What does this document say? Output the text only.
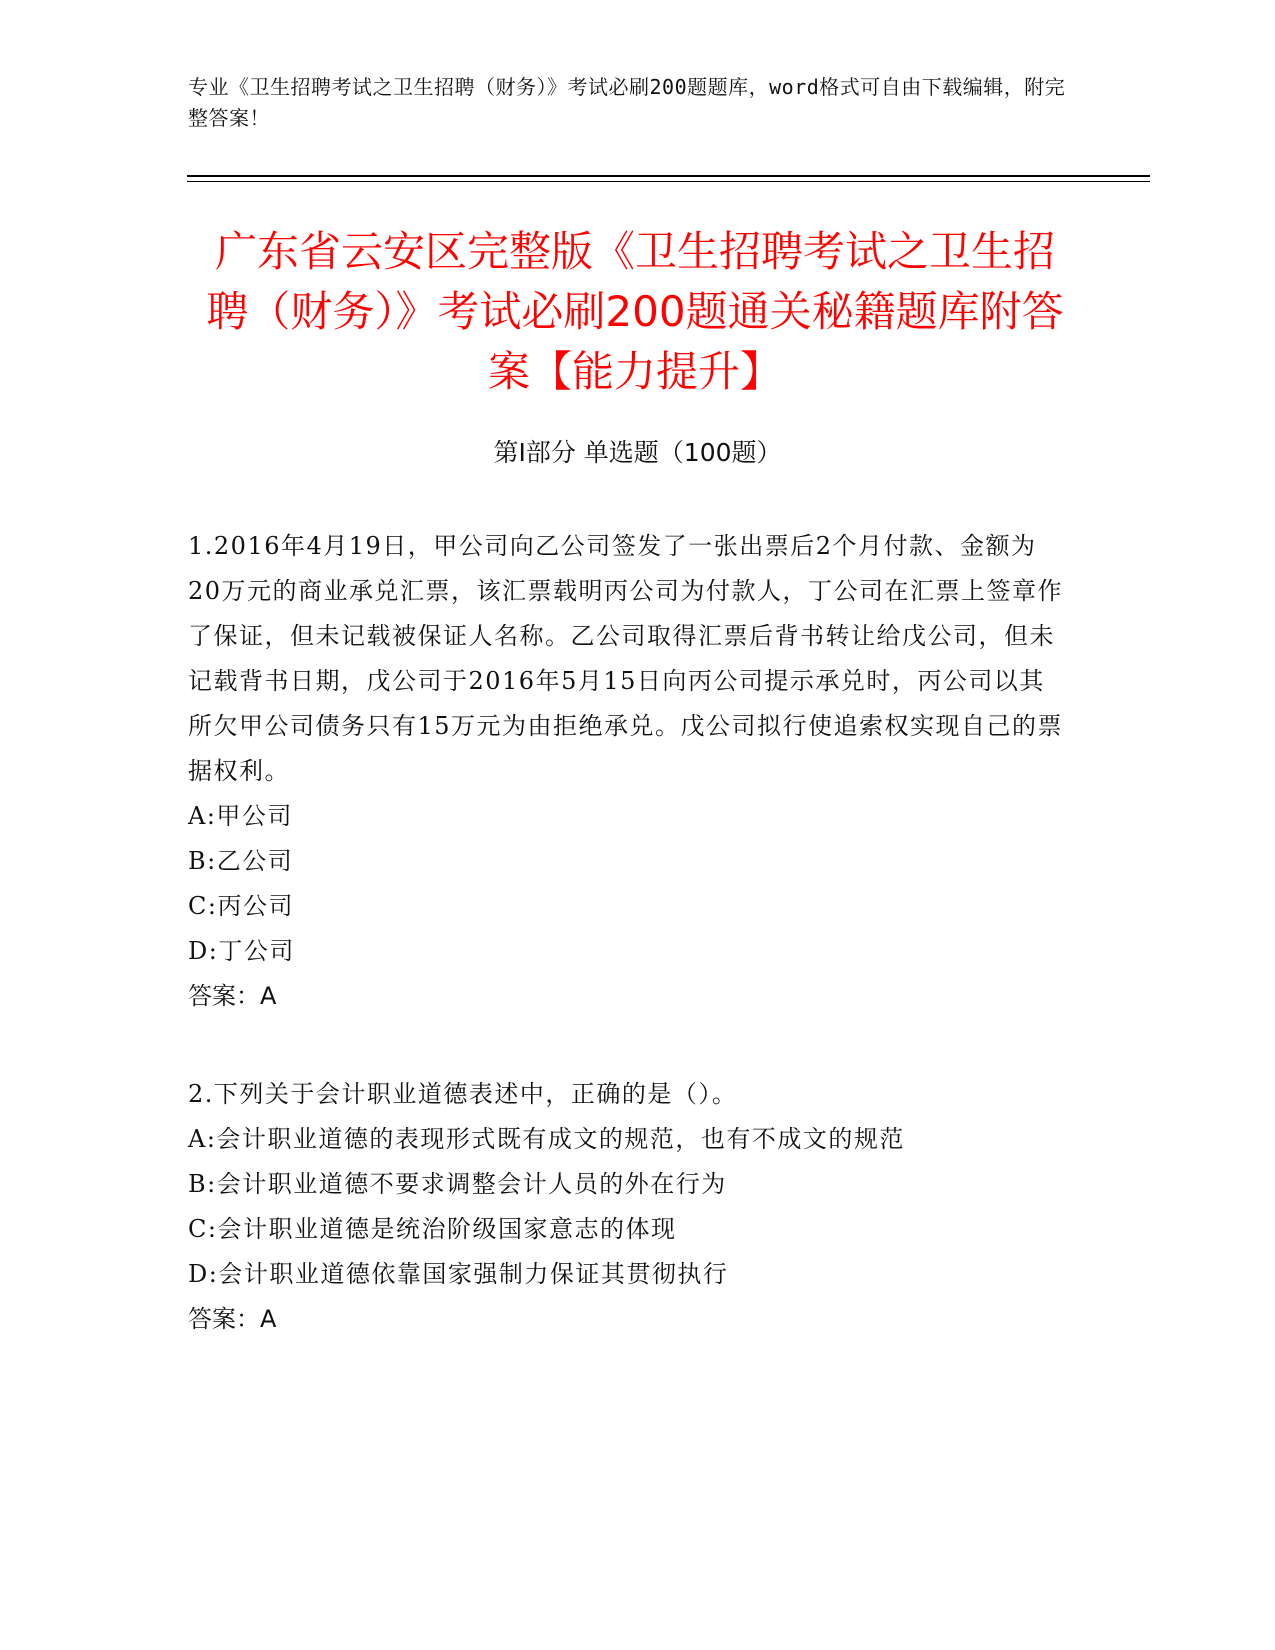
专业《卫生招聘考试之卫生招聘（财务）》考试必刷200题题库，word格式可自由下载编辑，附完整答案！
广东省云安区完整版《卫生招聘考试之卫生招聘（财务）》考试必刷200题通关秘籍题库附答案【能力提升】
第Ⅰ部分 单选题（100题）

1.2016年4月19日，甲公司向乙公司签发了一张出票后2个月付款、金额为20万元的商业承兑汇票，该汇票载明丙公司为付款人，丁公司在汇票上签章作了保证，但未记载被保证人名称。乙公司取得汇票后背书转让给戊公司，但未记载背书日期，戊公司于2016年5月15日向丙公司提示承兑时，丙公司以其所欠甲公司债务只有15万元为由拒绝承兑。戊公司拟行使追索权实现自己的票据权利。

A:甲公司

B:乙公司

C:丙公司

D:丁公司

答案：A

2.下列关于会计职业道德表述中，正确的是（）。

A:会计职业道德的表现形式既有成文的规范，也有不成文的规范

B:会计职业道德不要求调整会计人员的外在行为

C:会计职业道德是统治阶级国家意志的体现

D:会计职业道德依靠国家强制力保证其贯彻执行

答案：A
